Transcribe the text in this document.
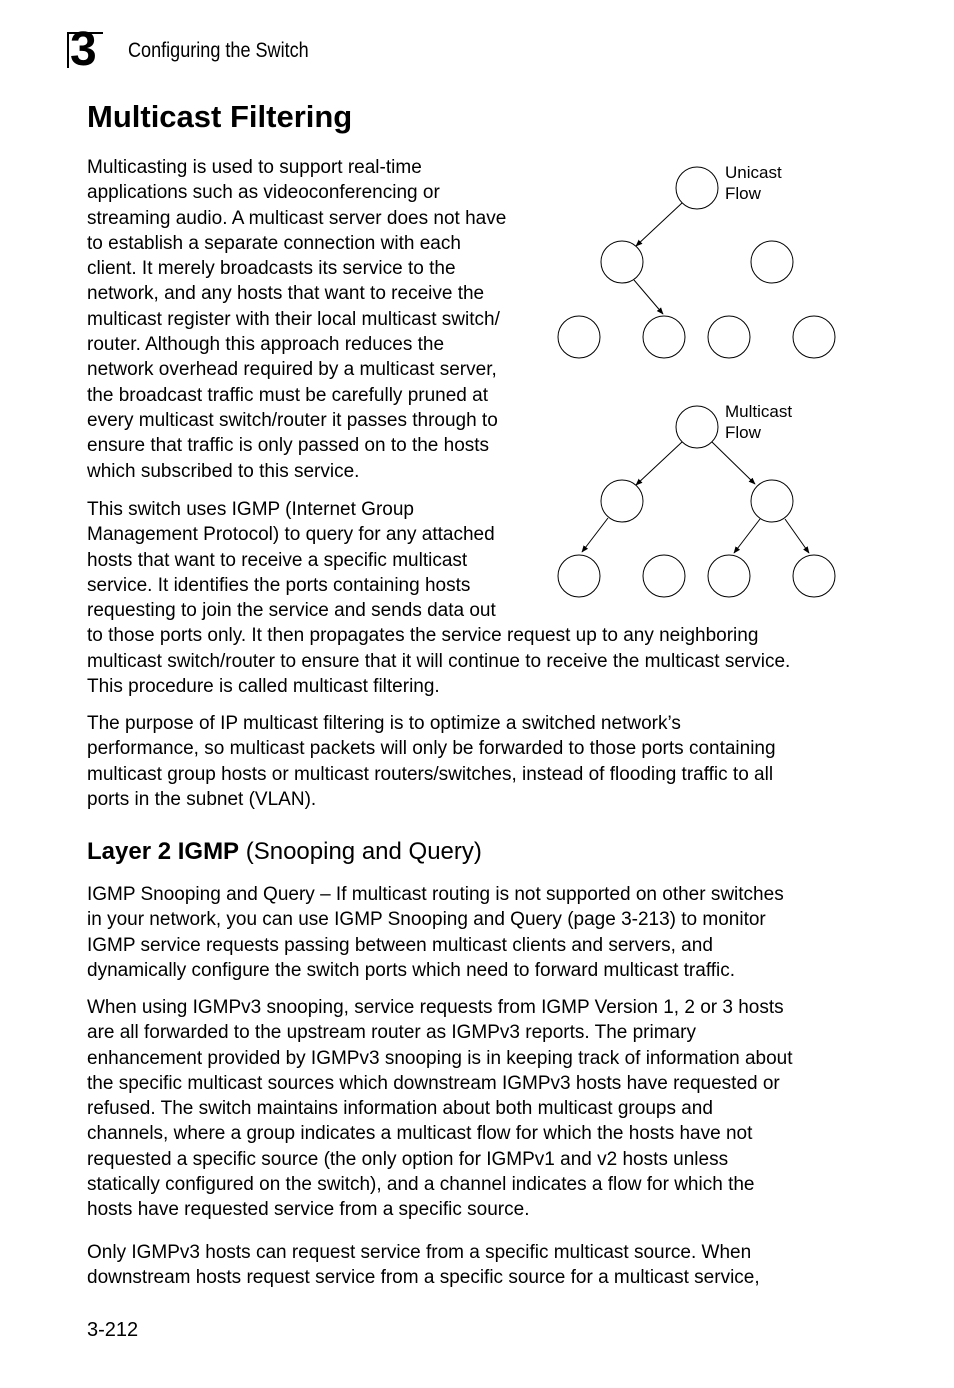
3 Configuring the Switch
Multicast Filtering
Multicasting is used to support real-time
applications such as videoconferencing or
streaming audio. A multicast server does not have
to establish a separate connection with each
client. It merely broadcasts its service to the
network, and any hosts that want to receive the
multicast register with their local multicast switch/
router. Although this approach reduces the
network overhead required by a multicast server,
the broadcast traffic must be carefully pruned at
every multicast switch/router it passes through to
ensure that traffic is only passed on to the hosts
which subscribed to this service.
This switch uses IGMP (Internet Group
Management Protocol) to query for any attached
hosts that want to receive a specific multicast
service. It identifies the ports containing hosts
requesting to join the service and sends data out
to those ports only. It then propagates the service request up to any neighboring
multicast switch/router to ensure that it will continue to receive the multicast service.
This procedure is called multicast filtering.
The purpose of IP multicast filtering is to optimize a switched network’s
performance, so multicast packets will only be forwarded to those ports containing
multicast group hosts or multicast routers/switches, instead of flooding traffic to all
ports in the subnet (VLAN).
Layer 2 IGMP (Snooping and Query)
IGMP Snooping and Query – If multicast routing is not supported on other switches
in your network, you can use IGMP Snooping and Query (page 3-213) to monitor
IGMP service requests passing between multicast clients and servers, and
dynamically configure the switch ports which need to forward multicast traffic.
When using IGMPv3 snooping, service requests from IGMP Version 1, 2 or 3 hosts
are all forwarded to the upstream router as IGMPv3 reports. The primary
enhancement provided by IGMPv3 snooping is in keeping track of information about
the specific multicast sources which downstream IGMPv3 hosts have requested or
refused. The switch maintains information about both multicast groups and
channels, where a group indicates a multicast flow for which the hosts have not
requested a specific source (the only option for IGMPv1 and v2 hosts unless
statically configured on the switch), and a channel indicates a flow for which the
hosts have requested service from a specific source.
Only IGMPv3 hosts can request service from a specific multicast source. When
downstream hosts request service from a specific source for a multicast service,
3-212
Unicast
Flow
Multicast
Flow
